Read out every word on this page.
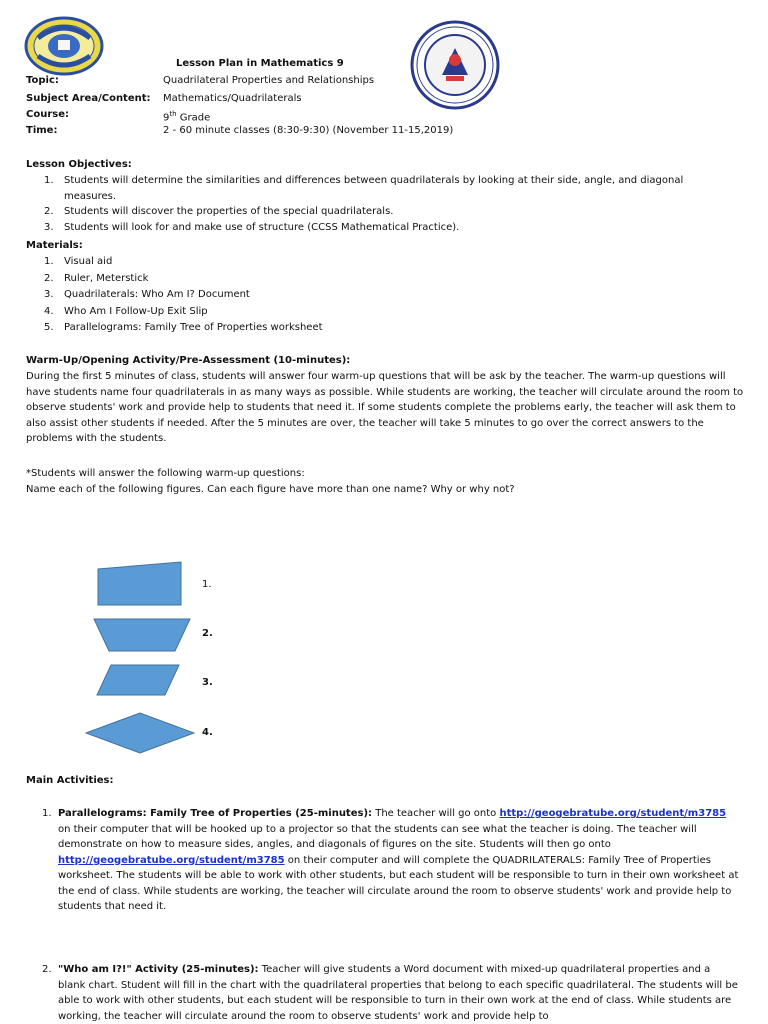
Lesson Plan in Mathematics 9
Topic:	Quadrilateral Properties and Relationships
Subject Area/Content: Mathematics/Quadrilaterals
Course:	9th Grade
Time:	2 - 60 minute classes (8:30-9:30) (November 11-15,2019)
Lesson Objectives:
1. Students will determine the similarities and differences between quadrilaterals by looking at their side, angle, and diagonal measures.
2. Students will discover the properties of the special quadrilaterals.
3. Students will look for and make use of structure (CCSS Mathematical Practice).
Materials:
1. Visual aid
2. Ruler, Meterstick
3. Quadrilaterals: Who Am I? Document
4. Who Am I Follow-Up Exit Slip
5. Parallelograms: Family Tree of Properties worksheet
Warm-Up/Opening Activity/Pre-Assessment (10-minutes):
During the first 5 minutes of class, students will answer four warm-up questions that will be ask by the teacher. The warm-up questions will have students name four quadrilaterals in as many ways as possible. While students are working, the teacher will circulate around the room to observe students' work and provide help to students that need it. If some students complete the problems early, the teacher will ask them to also assist other students if needed. After the 5 minutes are over, the teacher will take 5 minutes to go over the correct answers to the problems with the students.
*Students will answer the following warm-up questions:
Name each of the following figures. Can each figure have more than one name? Why or why not?
1.
2.
3.
4.
Main Activities:
1. Parallelograms: Family Tree of Properties (25-minutes): The teacher will go onto http://geogebratube.org/student/m3785 on their computer that will be hooked up to a projector so that the students can see what the teacher is doing. The teacher will demonstrate on how to measure sides, angles, and diagonals of figures on the site. Students will then go onto http://geogebratube.org/student/m3785 on their computer and will complete the QUADRILATERALS: Family Tree of Properties worksheet. The students will be able to work with other students, but each student will be responsible to turn in their own worksheet at the end of class. While students are working, the teacher will circulate around the room to observe students' work and provide help to students that need it.
2. "Who am I?!" Activity (25-minutes): Teacher will give students a Word document with mixed-up quadrilateral properties and a blank chart. Student will fill in the chart with the quadrilateral properties that belong to each specific quadrilateral. The students will be able to work with other students, but each student will be responsible to turn in their own work at the end of class. While students are working, the teacher will circulate around the room to observe students' work and provide help to
